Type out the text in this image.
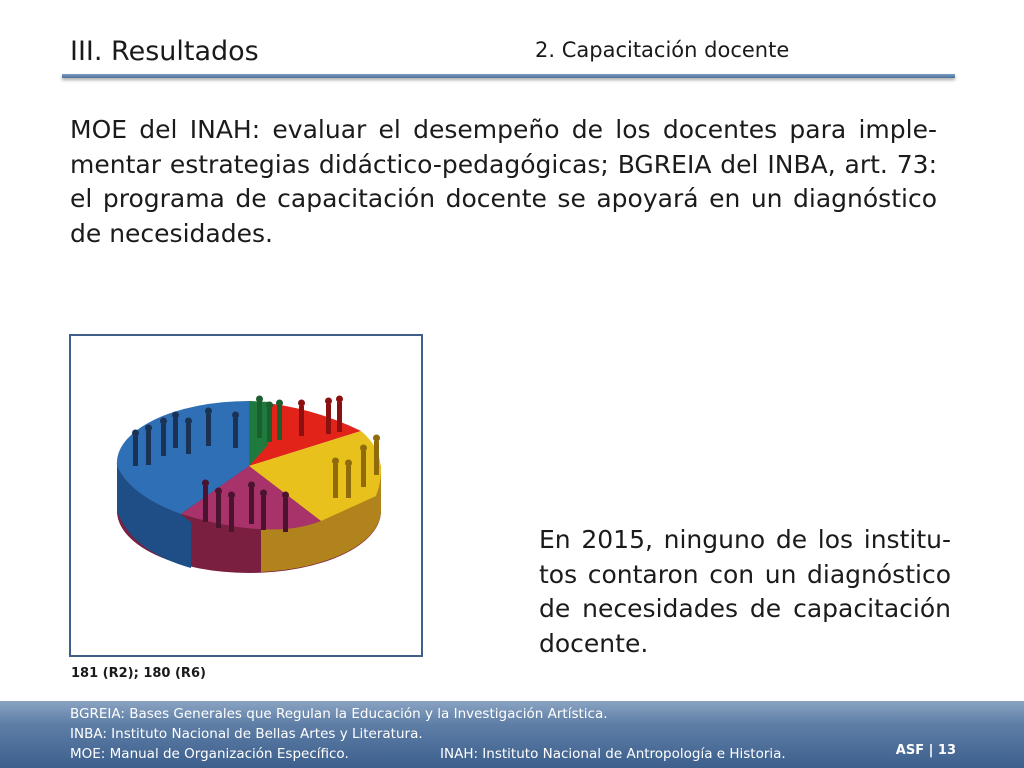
III. Resultados	2. Capacitación docente
MOE del INAH: evaluar el desempeño de los docentes para imple-mentar estrategias didáctico-pedagógicas; BGREIA del INBA, art. 73: el programa de capacitación docente se apoyará en un diagnóstico de necesidades.
181 (R2); 180 (R6)
En 2015, ninguno de los institu-tos contaron con un diagnóstico de necesidades de capacitación docente.
BGREIA: Bases Generales que Regulan la Educación y la Investigación Artística.
INBA: Instituto Nacional de Bellas Artes y Literatura.
MOE: Manual de Organización Específico.	INAH: Instituto Nacional de Antropología e Historia.	ASF | 13
